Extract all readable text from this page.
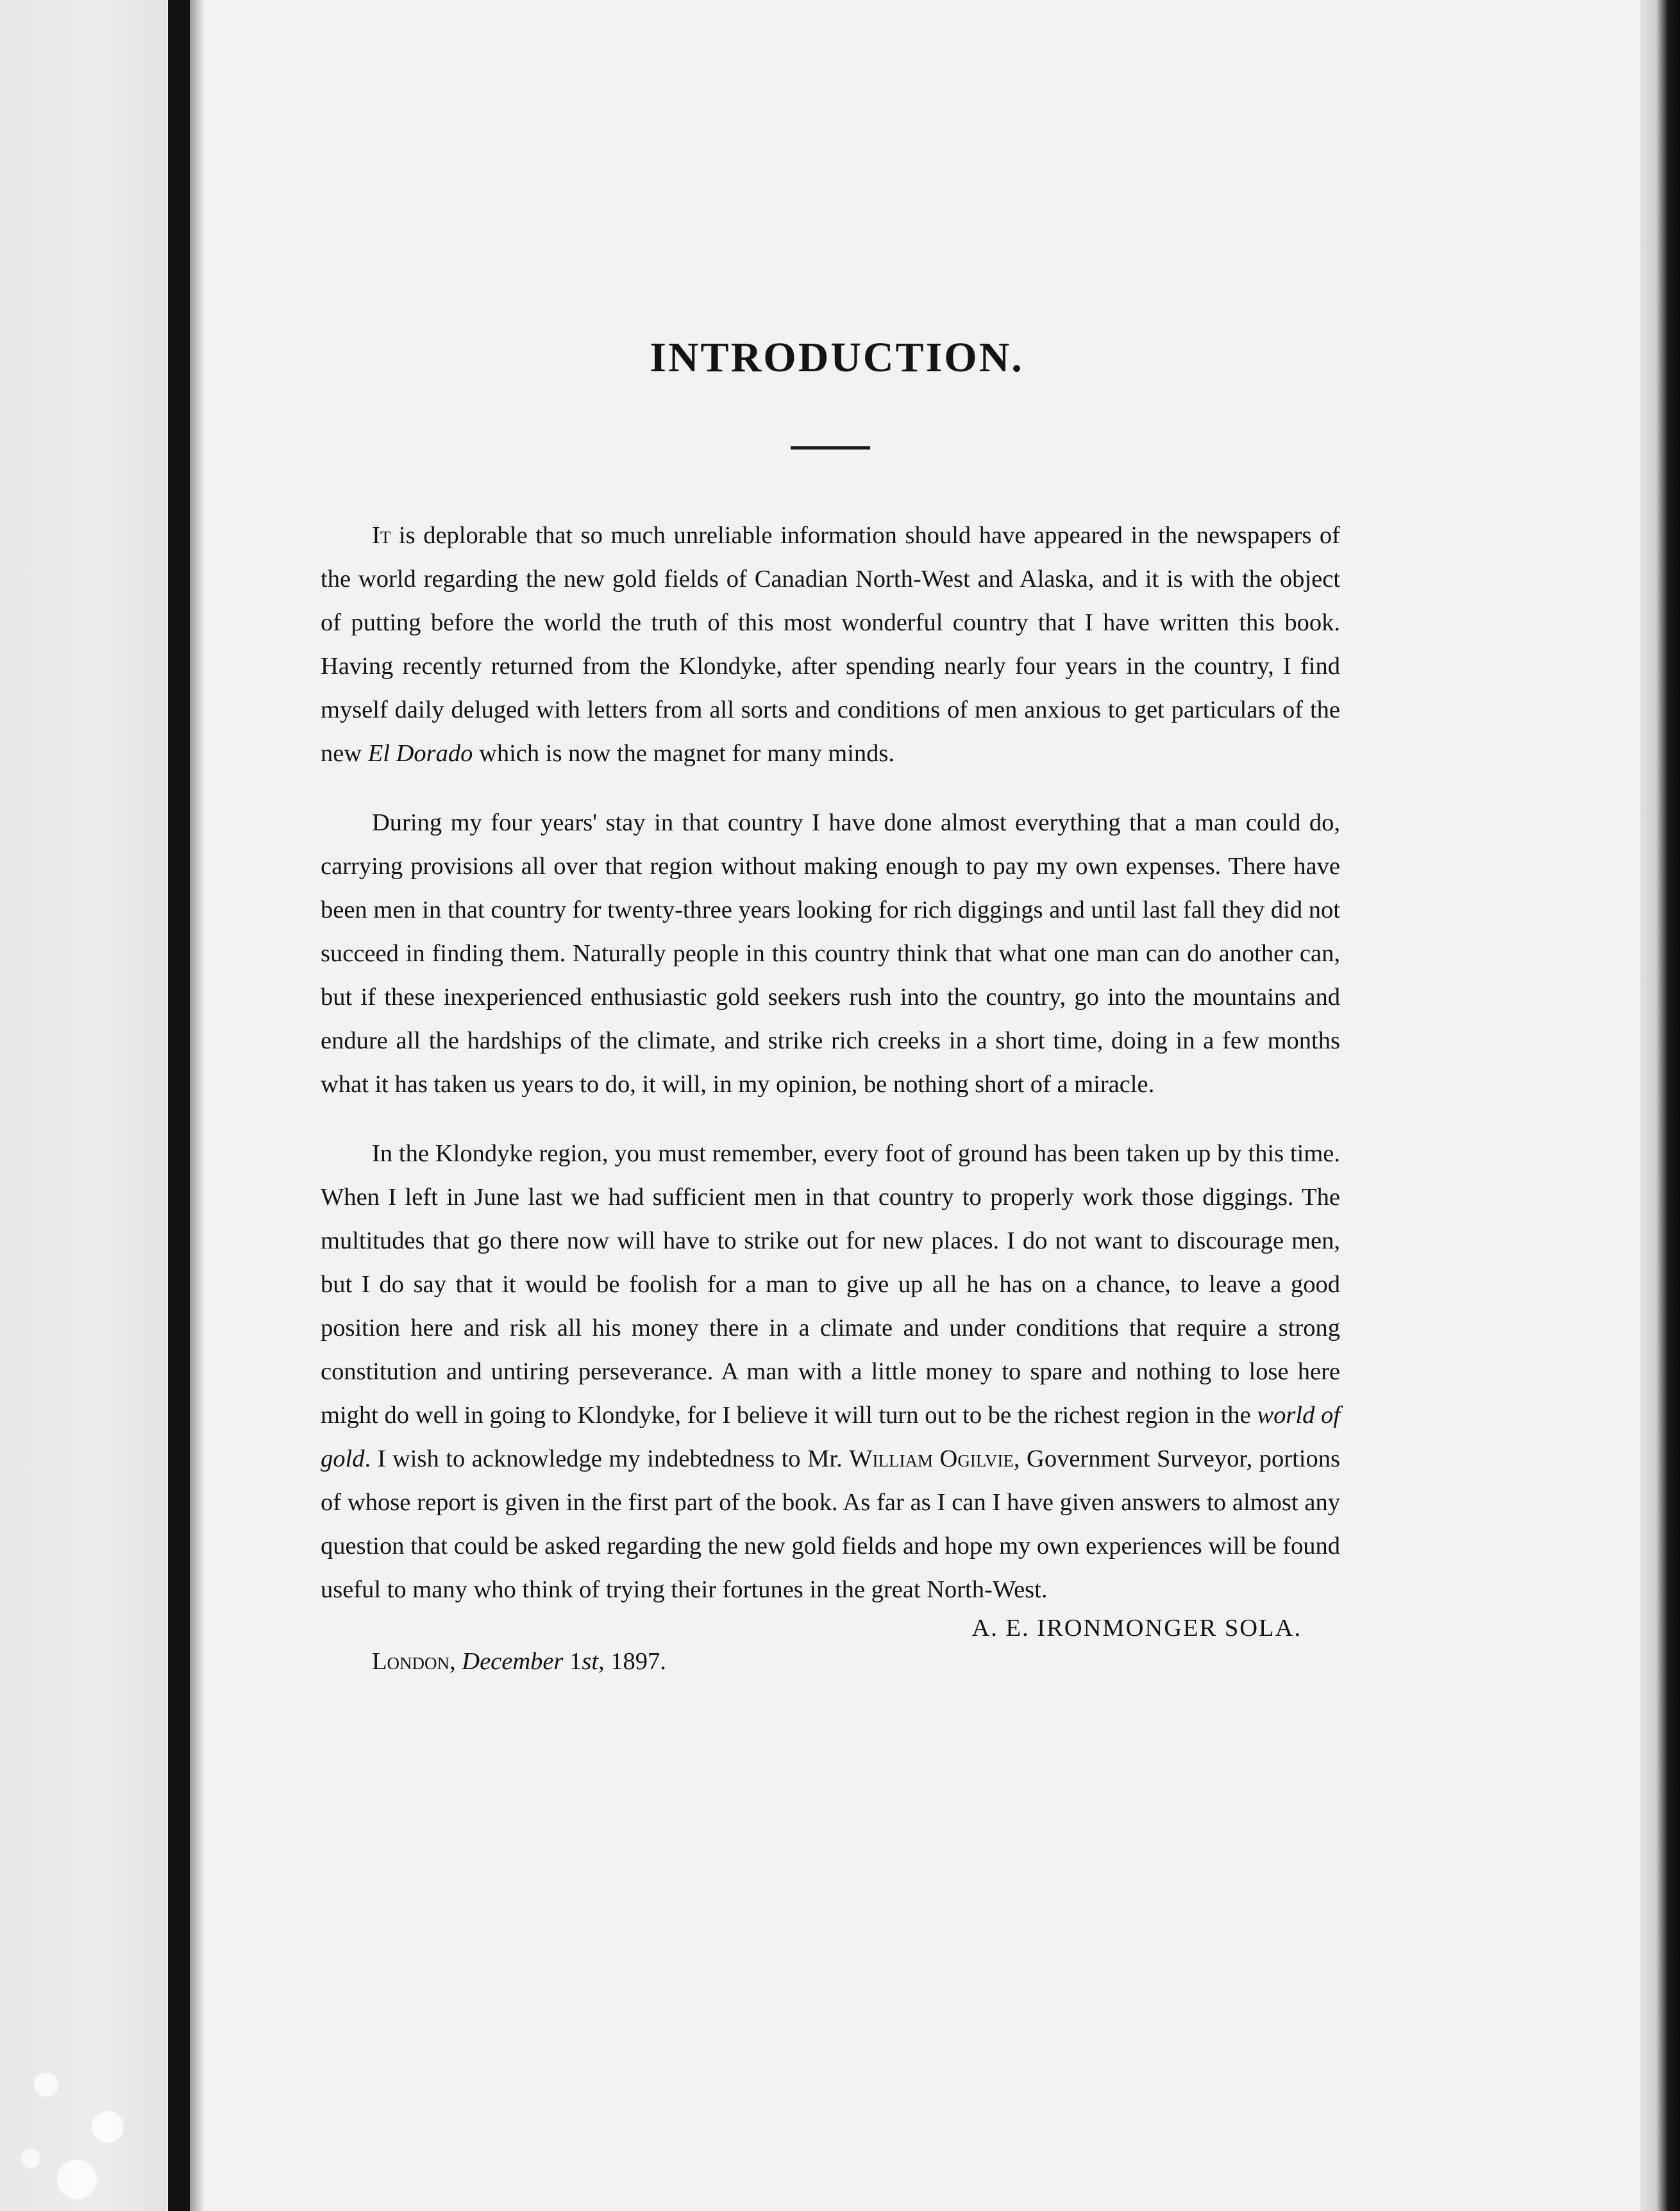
INTRODUCTION.

It is deplorable that so much unreliable information should have appeared in the newspapers of the world regarding the new gold fields of Canadian North-West and Alaska, and it is with the object of putting before the world the truth of this most wonderful country that I have written this book. Having recently returned from the Klondyke, after spending nearly four years in the country, I find myself daily deluged with letters from all sorts and conditions of men anxious to get particulars of the new El Dorado which is now the magnet for many minds.

During my four years' stay in that country I have done almost everything that a man could do, carrying provisions all over that region without making enough to pay my own expenses. There have been men in that country for twenty-three years looking for rich diggings and until last fall they did not succeed in finding them. Naturally people in this country think that what one man can do another can, but if these inexperienced enthusiastic gold seekers rush into the country, go into the mountains and endure all the hardships of the climate, and strike rich creeks in a short time, doing in a few months what it has taken us years to do, it will, in my opinion, be nothing short of a miracle.

In the Klondyke region, you must remember, every foot of ground has been taken up by this time. When I left in June last we had sufficient men in that country to properly work those diggings. The multitudes that go there now will have to strike out for new places. I do not want to discourage men, but I do say that it would be foolish for a man to give up all he has on a chance, to leave a good position here and risk all his money there in a climate and under conditions that require a strong constitution and untiring perseverance. A man with a little money to spare and nothing to lose here might do well in going to Klondyke, for I believe it will turn out to be the richest region in the world of gold. I wish to acknowledge my indebtedness to Mr. William Ogilvie, Government Surveyor, portions of whose report is given in the first part of the book. As far as I can I have given answers to almost any question that could be asked regarding the new gold fields and hope my own experiences will be found useful to many who think of trying their fortunes in the great North-West.

A. E. IRONMONGER SOLA.

London, December 1st, 1897.
